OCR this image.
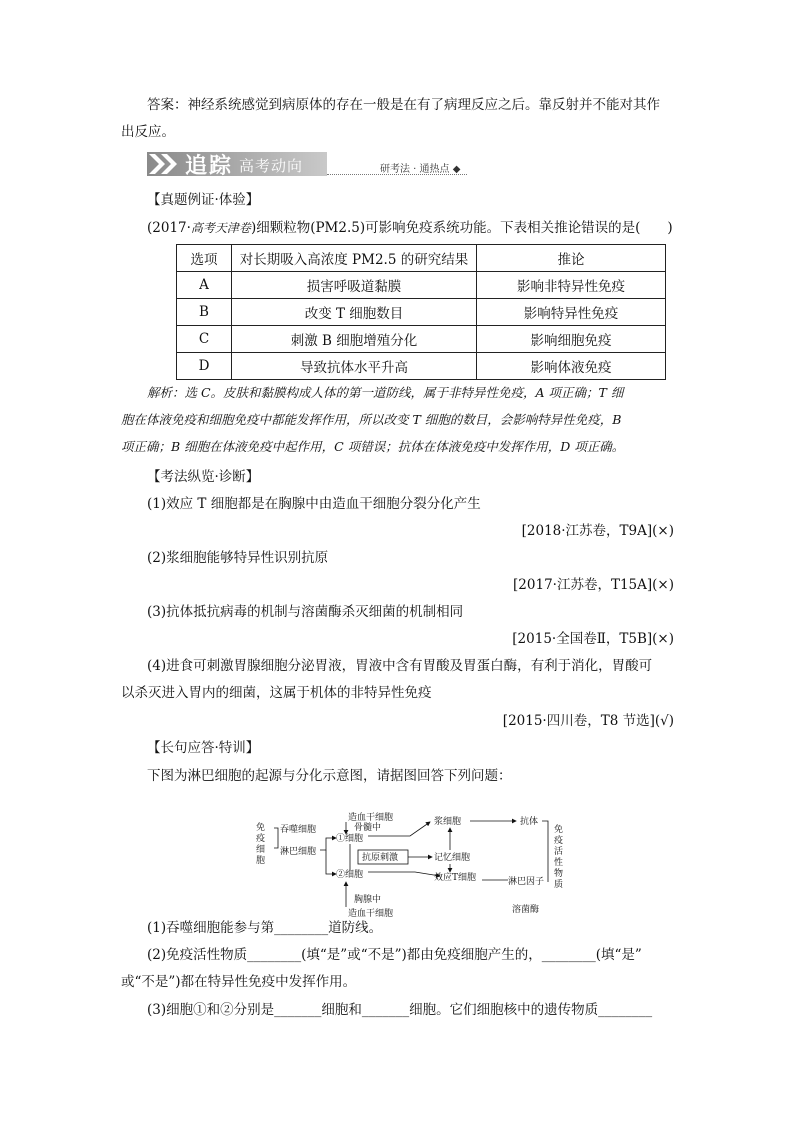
答案：神经系统感觉到病原体的存在一般是在有了病理反应之后。靠反射并不能对其作
出反应。
追踪 高考动向	研考法 · 通热点 ◆
【真题例证·体验】
(2017·高考天津卷)细颗粒物(PM2.5)可影响免疫系统功能。下表相关推论错误的是(　　)
选项	对长期吸入高浓度 PM2.5 的研究结果	推论
A	损害呼吸道黏膜	影响非特异性免疫
B	改变 T 细胞数目	影响特异性免疫
C	刺激 B 细胞增殖分化	影响细胞免疫
D	导致抗体水平升高	影响体液免疫
解析：选 C。皮肤和黏膜构成人体的第一道防线，属于非特异性免疫，A 项正确；T 细
胞在体液免疫和细胞免疫中都能发挥作用，所以改变 T 细胞的数目，会影响特异性免疫，B
项正确；B 细胞在体液免疫中起作用，C 项错误；抗体在体液免疫中发挥作用，D 项正确。
【考法纵览·诊断】
(1)效应 T 细胞都是在胸腺中由造血干细胞分裂分化产生
[2018·江苏卷，T9A](×)
(2)浆细胞能够特异性识别抗原
[2017·江苏卷，T15A](×)
(3)抗体抵抗病毒的机制与溶菌酶杀灭细菌的机制相同
[2015·全国卷Ⅱ，T5B](×)
(4)进食可刺激胃腺细胞分泌胃液，胃液中含有胃酸及胃蛋白酶，有利于消化，胃酸可
以杀灭进入胃内的细菌，这属于机体的非特异性免疫
[2015·四川卷，T8 节选](√)
【长句应答·特训】
下图为淋巴细胞的起源与分化示意图，请据图回答下列问题：
免疫细胞
吞噬细胞
淋巴细胞
造血干细胞
骨髓中
①细胞
②细胞
抗原刺激
浆细胞
记忆细胞
效应T细胞
抗体
淋巴因子
溶菌酶
免疫活性物质
胸腺中
造血干细胞
(1)吞噬细胞能参与第________道防线。
(2)免疫活性物质________(填“是”或“不是”)都由免疫细胞产生的，________(填“是”
或“不是”)都在特异性免疫中发挥作用。
(3)细胞①和②分别是_______细胞和_______细胞。它们细胞核中的遗传物质________
